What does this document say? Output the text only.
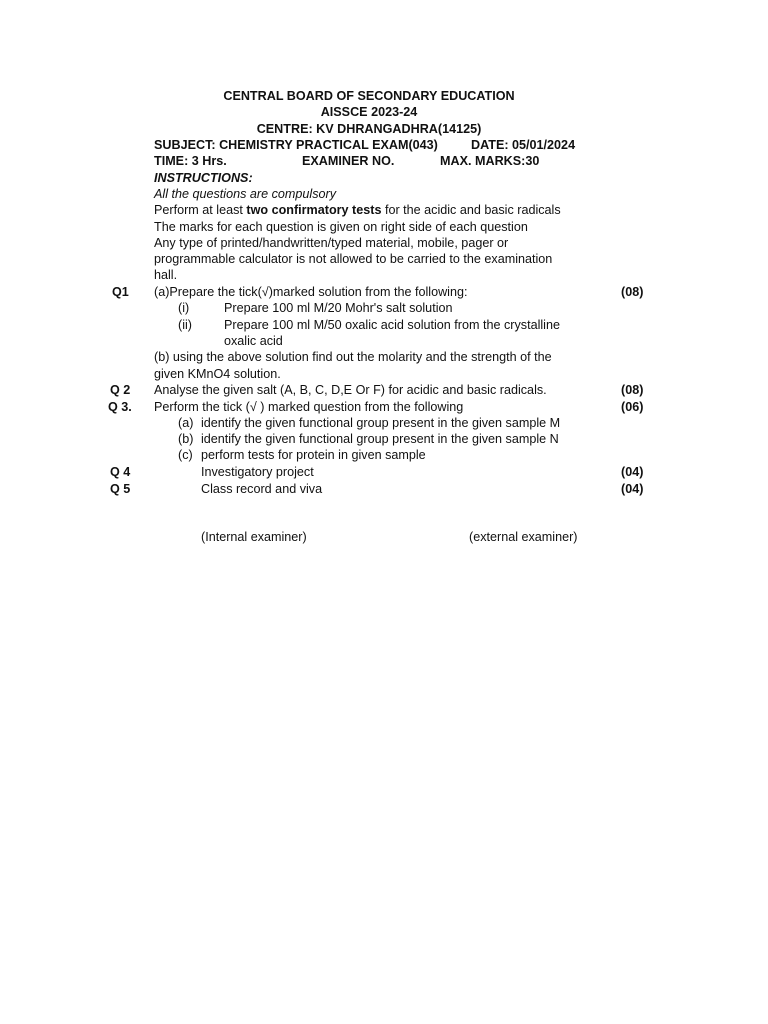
CENTRAL BOARD OF SECONDARY EDUCATION
AISSCE 2023-24
CENTRE: KV DHRANGADHRA(14125)
SUBJECT: CHEMISTRY PRACTICAL EXAM(043)	DATE: 05/01/2024
TIME: 3 Hrs.	EXAMINER NO.	MAX. MARKS:30
INSTRUCTIONS:
All the questions are compulsory
Perform at least two confirmatory tests for the acidic and basic radicals
The marks for each question is given on right side of each question
Any type of printed/handwritten/typed material, mobile, pager or
programmable calculator is not allowed to be carried to the examination
hall.
Q1 (a)Prepare the tick(√)marked solution from the following:	(08)
(i)	Prepare 100 ml M/20 Mohr's salt solution
(ii)	Prepare 100 ml M/50 oxalic acid solution from the crystalline
oxalic acid
(b) using the above solution find out the molarity and the strength of the
given KMnO4 solution.
Q 2 Analyse the given salt (A, B, C, D,E Or F) for acidic and basic radicals.	(08)
Q 3. Perform the tick (√ ) marked question from the following	(06)
(a) identify the given functional group present in the given sample M
(b) identify the given functional group present in the given sample N
(c) perform tests for protein in given sample
Q 4	Investigatory project	(04)
Q 5	Class record and viva	(04)
(Internal examiner)	(external examiner)
